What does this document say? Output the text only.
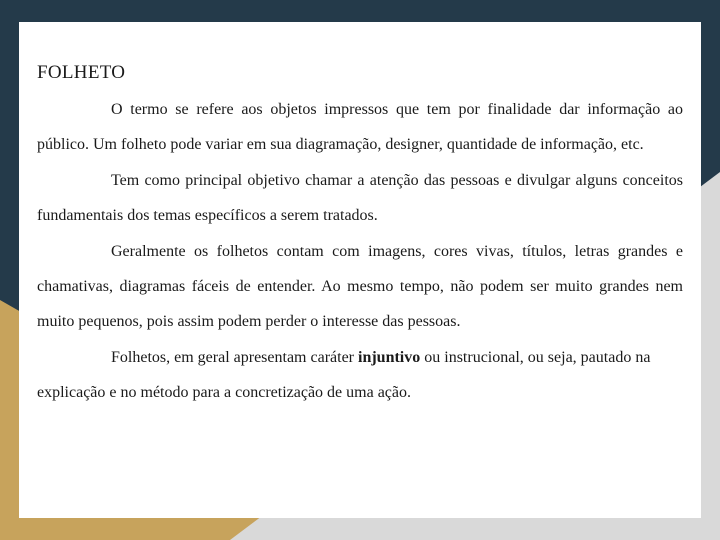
FOLHETO

O termo se refere aos objetos impressos que tem por finalidade dar informação ao público. Um folheto pode variar em sua diagramação, designer, quantidade de informação, etc.

Tem como principal objetivo chamar a atenção das pessoas e divulgar alguns conceitos fundamentais dos temas específicos a serem tratados.

Geralmente os folhetos contam com imagens, cores vivas, títulos, letras grandes e chamativas, diagramas fáceis de entender. Ao mesmo tempo, não podem ser muito grandes nem muito pequenos, pois assim podem perder o interesse das pessoas.

Folhetos, em geral apresentam caráter injuntivo ou instrucional, ou seja, pautado na explicação e no método para a concretização de uma ação.
